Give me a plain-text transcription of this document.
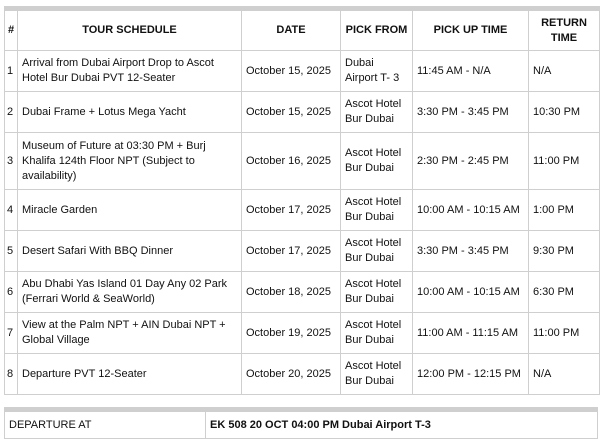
#	TOUR SCHEDULE	DATE	PICK FROM	PICK UP TIME	RETURN TIME
1	Arrival from Dubai Airport Drop to Ascot Hotel Bur Dubai PVT 12-Seater	October 15, 2025	Dubai Airport T- 3	11:45 AM - N/A	N/A
2	Dubai Frame + Lotus Mega Yacht	October 15, 2025	Ascot Hotel Bur Dubai	3:30 PM - 3:45 PM	10:30 PM
3	Museum of Future at 03:30 PM + Burj Khalifa 124th Floor NPT (Subject to availability)	October 16, 2025	Ascot Hotel Bur Dubai	2:30 PM - 2:45 PM	11:00 PM
4	Miracle Garden	October 17, 2025	Ascot Hotel Bur Dubai	10:00 AM - 10:15 AM	1:00 PM
5	Desert Safari With BBQ Dinner	October 17, 2025	Ascot Hotel Bur Dubai	3:30 PM - 3:45 PM	9:30 PM
6	Abu Dhabi Yas Island 01 Day Any 02 Park (Ferrari World & SeaWorld)	October 18, 2025	Ascot Hotel Bur Dubai	10:00 AM - 10:15 AM	6:30 PM
7	View at the Palm NPT + AIN Dubai NPT + Global Village	October 19, 2025	Ascot Hotel Bur Dubai	11:00 AM - 11:15 AM	11:00 PM
8	Departure PVT 12-Seater	October 20, 2025	Ascot Hotel Bur Dubai	12:00 PM - 12:15 PM	N/A
DEPARTURE AT	EK 508 20 OCT 04:00 PM Dubai Airport T-3
